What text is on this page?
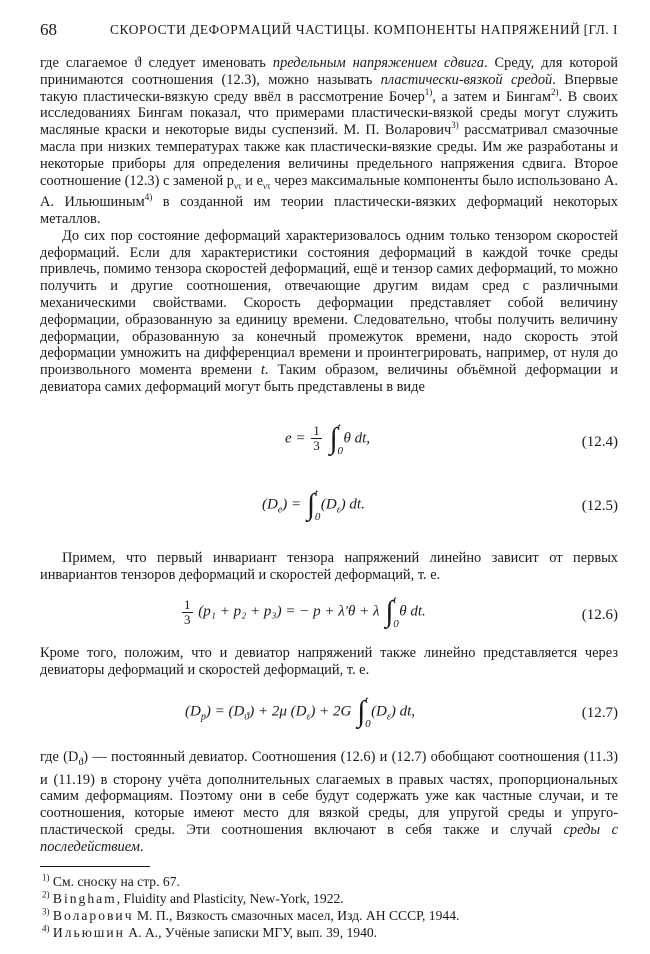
68	СКОРОСТИ ДЕФОРМАЦИЙ ЧАСТИЦЫ. КОМПОНЕНТЫ НАПРЯЖЕНИЙ [ГЛ. I

где слагаемое ϑ следует именовать предельным напряжением сдвига. Среду, для которой принимаются соотношения (12.3), можно называть пластически-вязкой средой. Впервые такую пластически-вязкую среду ввёл в рассмотрение Бочер$^{1)}$, а затем и Бингам$^{2)}$. В своих исследованиях Бингам показал, что примерами пластически-вязкой среды могут служить масляные краски и некоторые виды суспензий. М. П. Воларович$^{3)}$ рассматривал смазочные масла при низких температурах также как пластически-вязкие среды. Им же разработаны и некоторые приборы для определения величины предельного напряжения сдвига. Второе соотношение (12.3) с заменой $p_{\nu\tau}$ и $e_{\nu\tau}$ через максимальные компоненты было использовано А. А. Ильюшиным$^{4)}$ в созданной им теории пластически-вязких деформаций некоторых металлов.

До сих пор состояние деформаций характеризовалось одним только тензором скоростей деформаций. Если для характеристики состояния деформаций в каждой точке среды привлечь, помимо тензора скоростей деформаций, ещё и тензор самих деформаций, то можно получить и другие соотношения, отвечающие другим видам сред с различными механическими свойствами. Скорость деформации представляет собой величину деформации, образованную за единицу времени. Следовательно, чтобы получить величину деформации, образованную за конечный промежуток времени, надо скорость этой деформации умножить на дифференциал времени и проинтегрировать, например, от нуля до произвольного момента времени t. Таким образом, величины объёмной деформации и девиатора самих деформаций могут быть представлены в виде

$e = \frac{1}{3}$ ∫ t
0
θ dt,	(12.4)
$(D_e)$ = ∫ t
0
$(D_\varepsilon)$ dt.	(12.5)

Примем, что первый инвариант тензора напряжений линейно зависит от первых инвариантов тензоров деформаций и скоростей деформаций, т. е.

$\frac{1}{3} (p_1 + p_2 + p_3)$ = − p + λ′θ + λ ∫ t
0
θ dt.	(12.6)

Кроме того, положим, что и девиатор напряжений также линейно представляется через девиаторы деформаций и скоростей деформаций, т. е.

$(D_p) = (D_ϑ) + 2\mu$ $(D_\varepsilon) + 2G$ ∫ t
0
$(D_\varepsilon)$ dt,	(12.7)

где $(D_ϑ)$ — постоянный девиатор. Соотношения (12.6) и (12.7) обобщают соотношения (11.3) и (11.19) в сторону учёта дополнительных слагаемых в правых частях, пропорциональных самим деформациям. Поэтому они в себе будут содержать уже как частные случаи, и те соотношения, которые имеют место для вязкой среды, для упругой среды и упруго-пластической среды. Эти соотношения включают в себя также и случай среды с последействием.

$^{1)}$ См. сноску на стр. 67.
$^{2)}$ Bingham, Fluidity and Plasticity, New-York, 1922.
$^{3)}$ Воларович М. П., Вязкость смазочных масел, Изд. АН СССР, 1944.
$^{4)}$ Ильюшин А. А., Учёные записки МГУ, вып. 39, 1940.
